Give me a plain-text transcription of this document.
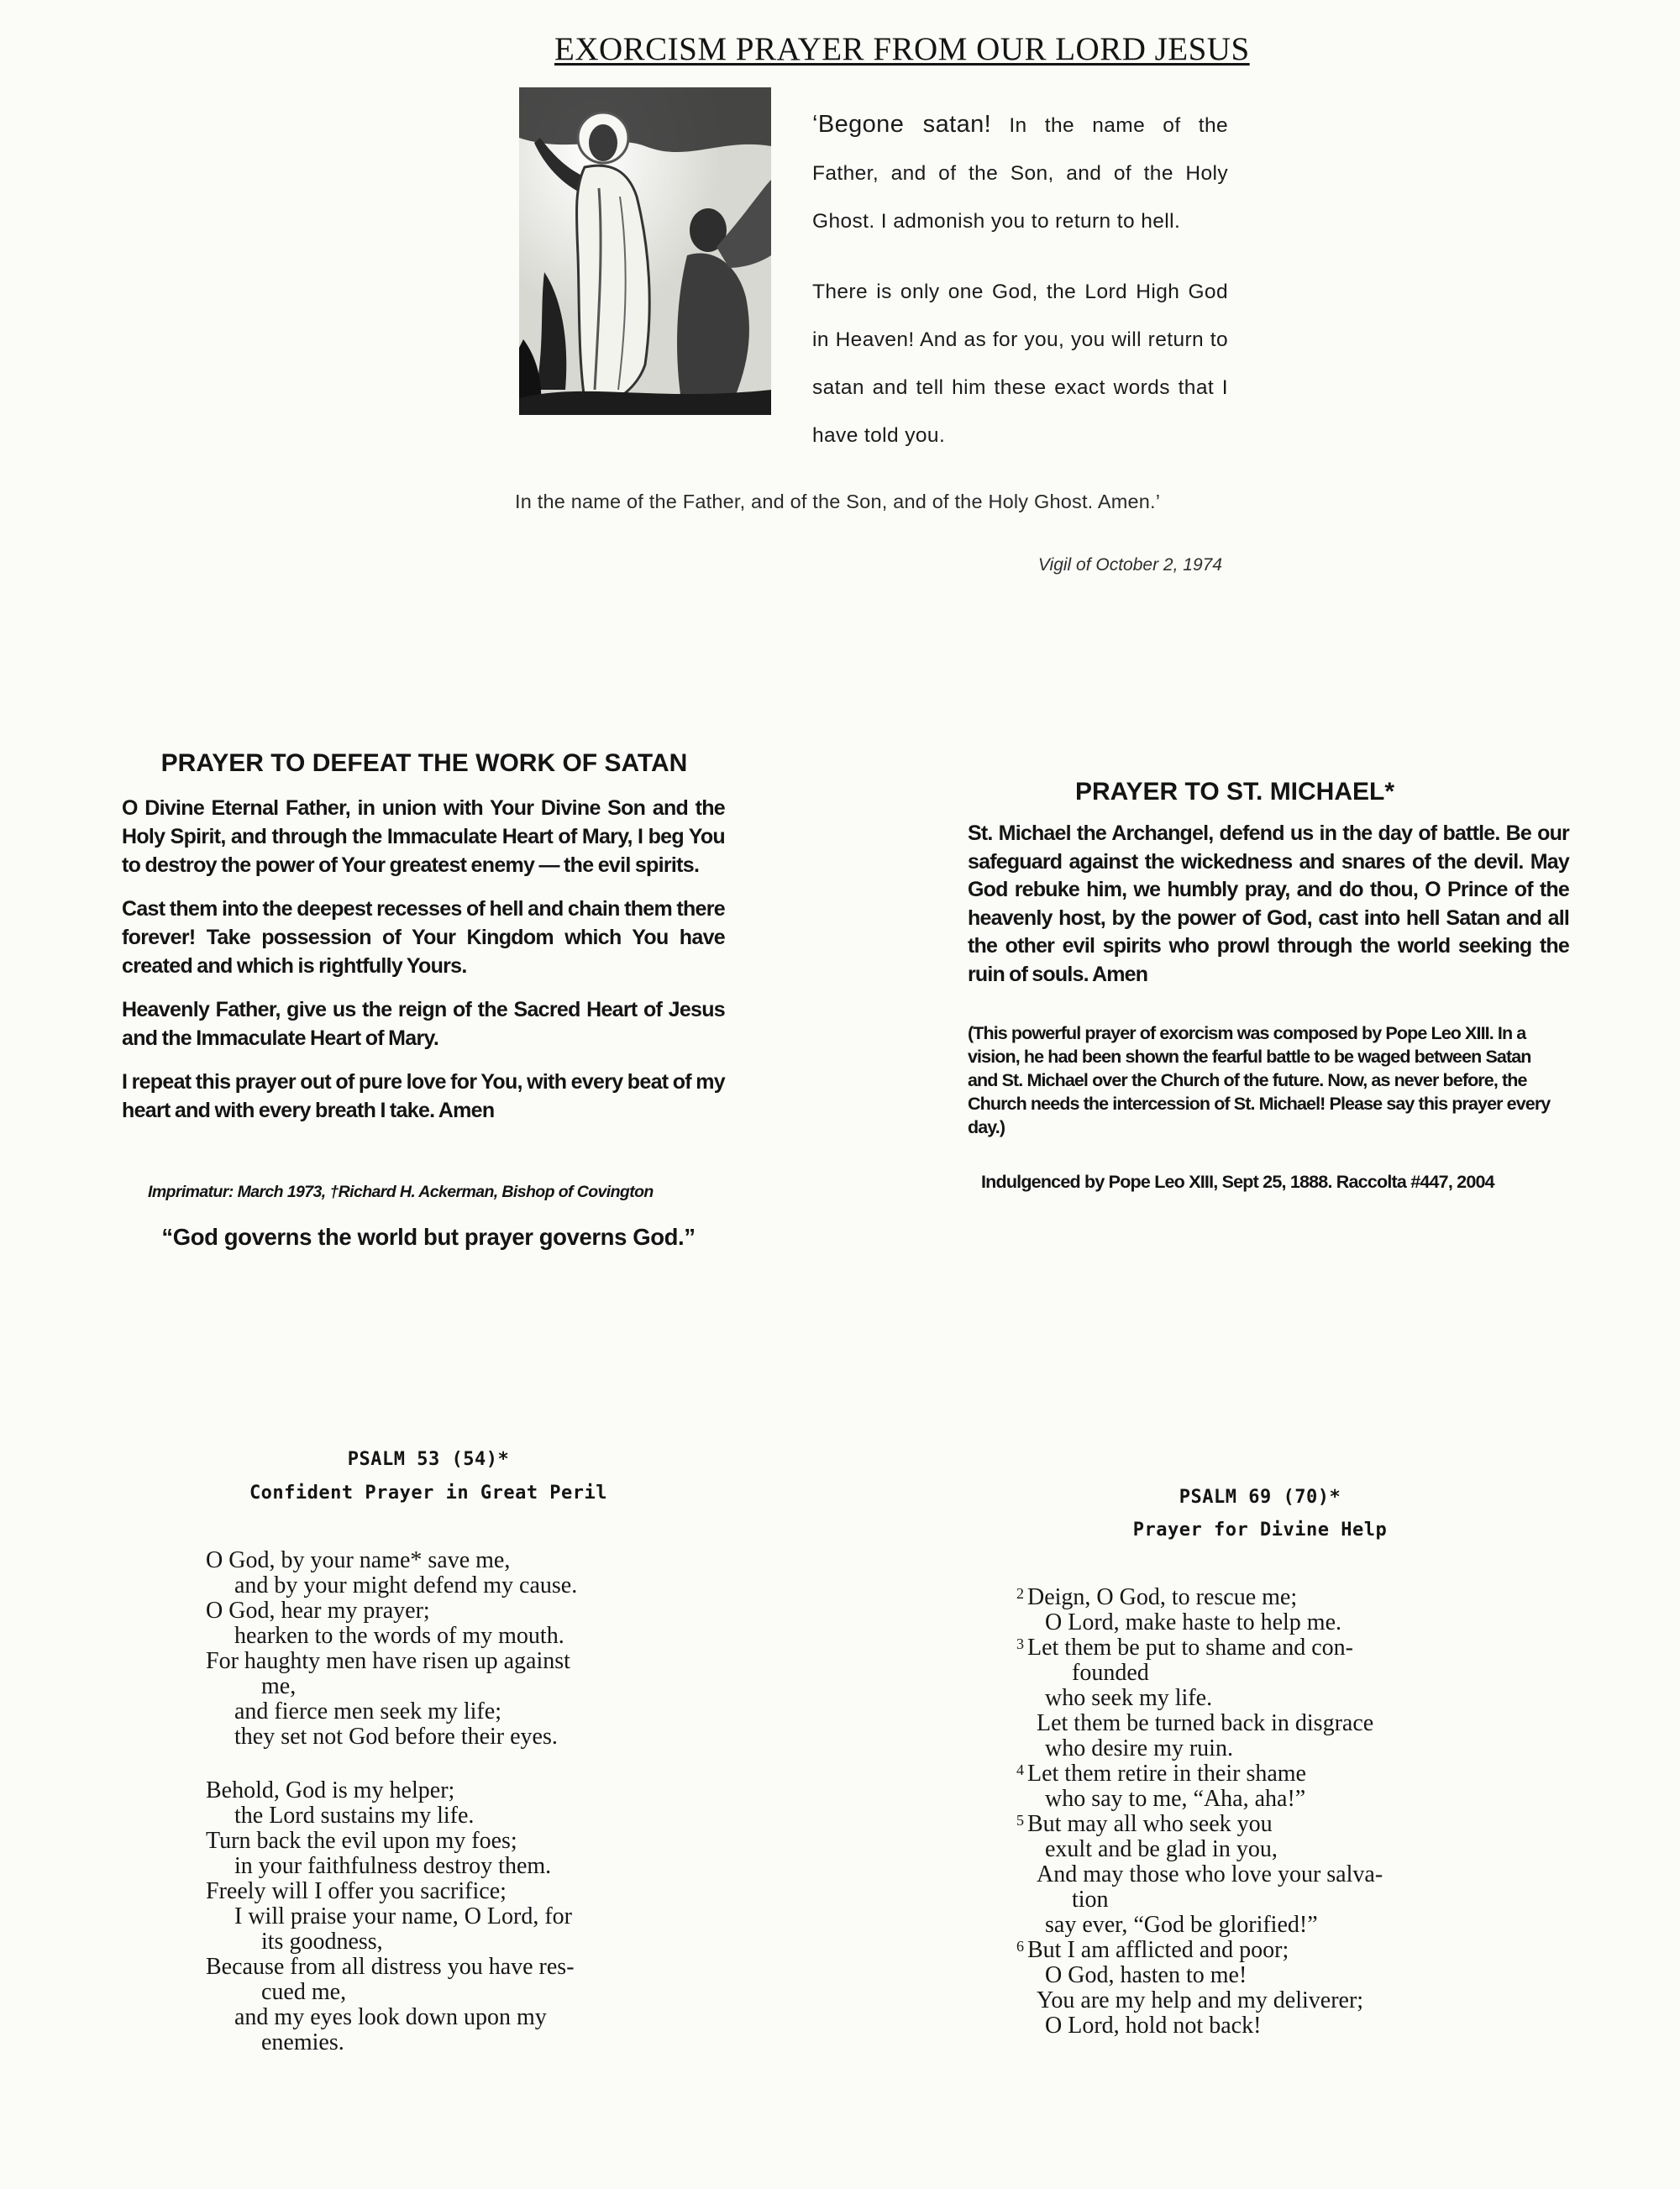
EXORCISM PRAYER FROM OUR LORD JESUS

‘Begone satan! In the name of the Father, and of the Son, and of the Holy Ghost. I admonish you to return to hell.

There is only one God, the Lord High God in Heaven! And as for you, you will return to satan and tell him these exact words that I have told you.

In the name of the Father, and of the Son, and of the Holy Ghost. Amen.’
Vigil of October 2, 1974
PRAYER TO DEFEAT THE WORK OF SATAN

O Divine Eternal Father, in union with Your Divine Son and the Holy Spirit, and through the Immaculate Heart of Mary, I beg You to destroy the power of Your greatest enemy — the evil spirits.

Cast them into the deepest recesses of hell and chain them there forever! Take possession of Your Kingdom which You have created and which is rightfully Yours.

Heavenly Father, give us the reign of the Sacred Heart of Jesus and the Immaculate Heart of Mary.

I repeat this prayer out of pure love for You, with every beat of my heart and with every breath I take. Amen

Imprimatur: March 1973, †Richard H. Ackerman, Bishop of Covington
“God governs the world but prayer governs God.”
PRAYER TO ST. MICHAEL*

St. Michael the Archangel, defend us in the day of battle. Be our safeguard against the wickedness and snares of the devil. May God rebuke him, we humbly pray, and do thou, O Prince of the heavenly host, by the power of God, cast into hell Satan and all the other evil spirits who prowl through the world seeking the ruin of souls. Amen

(This powerful prayer of exorcism was composed by Pope Leo XIII. In a vision, he had been shown the fearful battle to be waged between Satan and St. Michael over the Church of the future. Now, as never before, the Church needs the intercession of St. Michael! Please say this prayer every day.)

Indulgenced by Pope Leo XIII, Sept 25, 1888. Raccolta #447, 2004
PSALM 53 (54)*
Confident Prayer in Great Peril
O God, by your name* save me,
and by your might defend my cause.
O God, hear my prayer;
hearken to the words of my mouth.
For haughty men have risen up against
me,
and fierce men seek my life;
they set not God before their eyes.
Behold, God is my helper;
the Lord sustains my life.
Turn back the evil upon my foes;
in your faithfulness destroy them.
Freely will I offer you sacrifice;
I will praise your name, O Lord, for
its goodness,
Because from all distress you have res-
cued me,
and my eyes look down upon my
enemies.
PSALM 69 (70)*
Prayer for Divine Help
$^2$ Deign, O God, to rescue me;
O Lord, make haste to help me.
$^3$ Let them be put to shame and con-
founded
who seek my life.
Let them be turned back in disgrace
who desire my ruin.
$^4$ Let them retire in their shame
who say to me, “Aha, aha!”
$^5$ But may all who seek you
exult and be glad in you,
And may those who love your salva-
tion
say ever, “God be glorified!”
$^6$ But I am afflicted and poor;
O God, hasten to me!
You are my help and my deliverer;
O Lord, hold not back!
